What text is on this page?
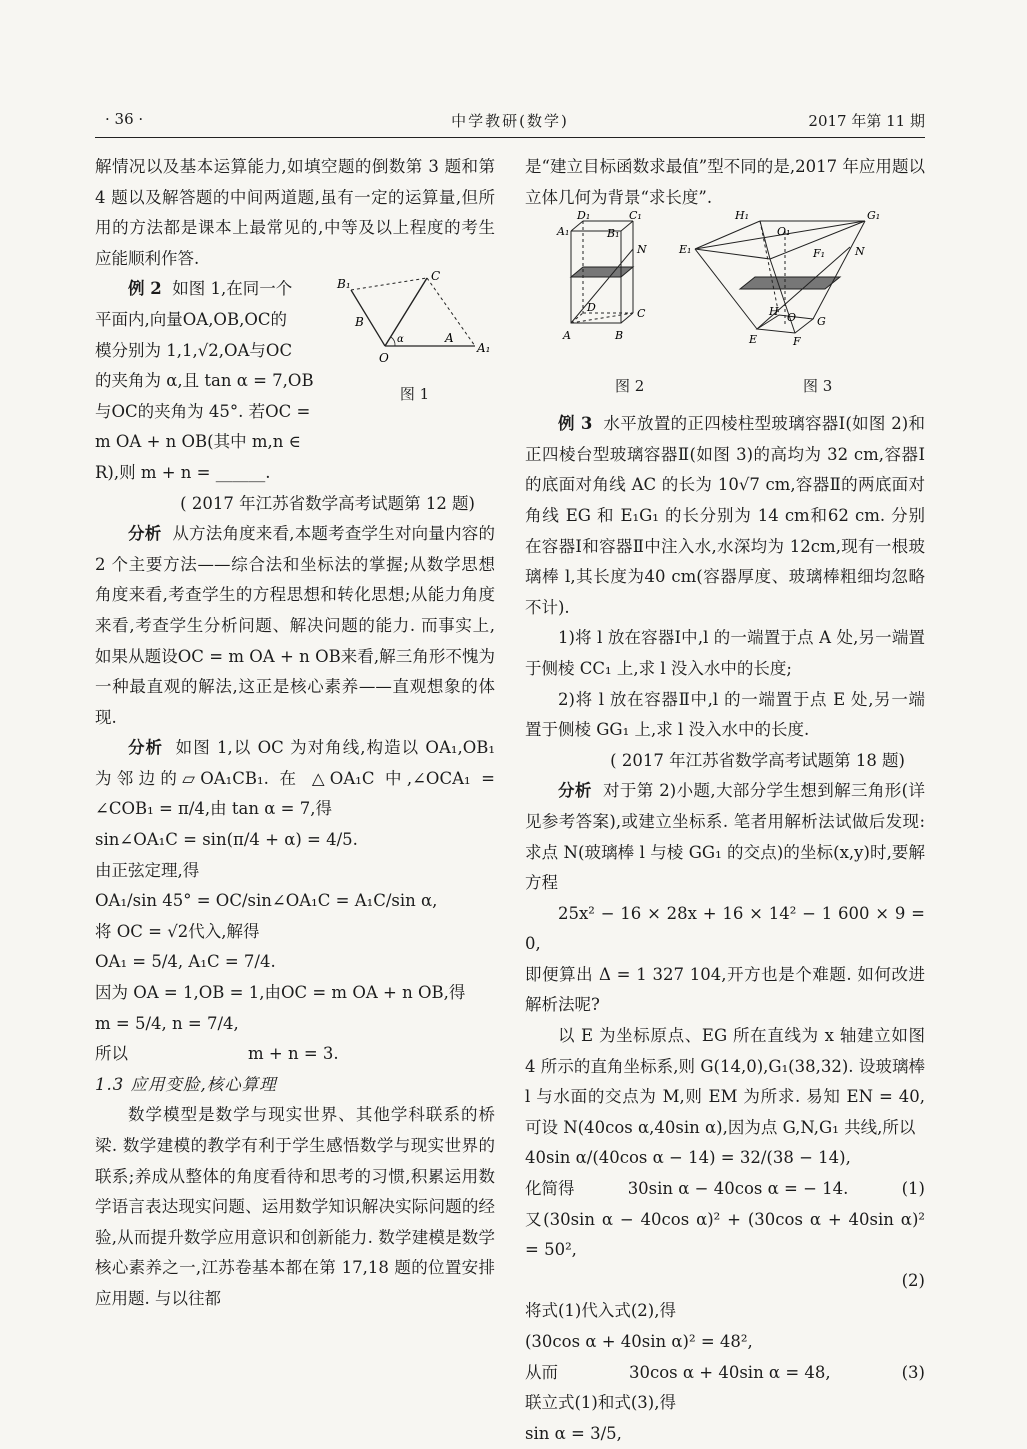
· 36 ·	中学教研(数学)	2017 年第 11 期

解情况以及基本运算能力,如填空题的倒数第 3 题和第 4 题以及解答题的中间两道题,虽有一定的运算量,但所用的方法都是课本上最常见的,中等及以上程度的考生应能顺利作答.

B₁
C
B
α	A
A₁
O
图 1

例 2 如图 1,在同一个

平面内,向量OA,OB,OC的

模分别为 1,1,√2,OA与OC

的夹角为 α,且 tan α = 7,OB

与OC的夹角为 45°. 若OC =

m OA + n OB(其中 m,n ∈

R),则 m + n = ______.

( 2017 年江苏省数学高考试题第 12 题)

分析 从方法角度来看,本题考查学生对向量内容的 2 个主要方法——综合法和坐标法的掌握;从数学思想角度来看,考查学生的方程思想和转化思想;从能力角度来看,考查学生分析问题、解决问题的能力. 而事实上,如果从题设OC = m OA + n OB来看,解三角形不愧为一种最直观的解法,这正是核心素养——直观想象的体现.

分析 如图 1,以 OC 为对角线,构造以 OA₁,OB₁ 为邻边的▱OA₁CB₁. 在 △OA₁C 中,∠OCA₁ = ∠COB₁ = π/4,由 tan α = 7,得

sin∠OA₁C = sin(π/4 + α) = 4/5.

由正弦定理,得

OA₁/sin 45° = OC/sin∠OA₁C = A₁C/sin α,

将 OC = √2代入,解得

OA₁ = 5/4, A₁C = 7/4.

因为 OA = 1,OB = 1,由OC = m OA + n OB,得

m = 5/4, n = 7/4,

所以	m + n = 3.

1.3 应用变脸,核心算理

数学模型是数学与现实世界、其他学科联系的桥梁. 数学建模的教学有利于学生感悟数学与现实世界的联系;养成从整体的角度看待和思考的习惯,积累运用数学语言表达现实问题、运用数学知识解决实际问题的经验,从而提升数学应用意识和创新能力. 数学建模是数学核心素养之一,江苏卷基本都在第 17,18 题的位置安排应用题. 与以往都

是“建立目标函数求最值”型不同的是,2017 年应用题以立体几何为背景“求长度”.

D₁	C₁
A₁	B₁
N
D	C
A	B
H₁	G₁
O₁
E₁	F₁	N
H O G
E	F
图 2	图 3

例 3 水平放置的正四棱柱型玻璃容器Ⅰ(如图 2)和正四棱台型玻璃容器Ⅱ(如图 3)的高均为 32 cm,容器Ⅰ的底面对角线 AC 的长为 10√7 cm,容器Ⅱ的两底面对角线 EG 和 E₁G₁ 的长分别为 14 cm和62 cm. 分别在容器Ⅰ和容器Ⅱ中注入水,水深均为 12cm,现有一根玻璃棒 l,其长度为40 cm(容器厚度、玻璃棒粗细均忽略不计).

1)将 l 放在容器Ⅰ中,l 的一端置于点 A 处,另一端置于侧棱 CC₁ 上,求 l 没入水中的长度;

2)将 l 放在容器Ⅱ中,l 的一端置于点 E 处,另一端置于侧棱 GG₁ 上,求 l 没入水中的长度.

( 2017 年江苏省数学高考试题第 18 题)

分析 对于第 2)小题,大部分学生想到解三角形(详见参考答案),或建立坐标系. 笔者用解析法试做后发现:求点 N(玻璃棒 l 与棱 GG₁ 的交点)的坐标(x,y)时,要解方程

25x² − 16 × 28x + 16 × 14² − 1 600 × 9 = 0,

即便算出 Δ = 1 327 104,开方也是个难题. 如何改进解析法呢?

以 E 为坐标原点、EG 所在直线为 x 轴建立如图 4 所示的直角坐标系,则 G(14,0),G₁(38,32). 设玻璃棒 l 与水面的交点为 M,则 EM 为所求. 易知 EN = 40,可设 N(40cos α,40sin α),因为点 G,N,G₁ 共线,所以

40sin α/(40cos α − 14) = 32/(38 − 14),

化简得	30sin α − 40cos α = − 14.	(1)

又(30sin α − 40cos α)² + (30cos α + 40sin α)² = 50²,

(2)

将式(1)代入式(2),得

(30cos α + 40sin α)² = 48²,

从而	30cos α + 40sin α = 48,	(3)

联立式(1)和式(3),得

sin α = 3/5,
